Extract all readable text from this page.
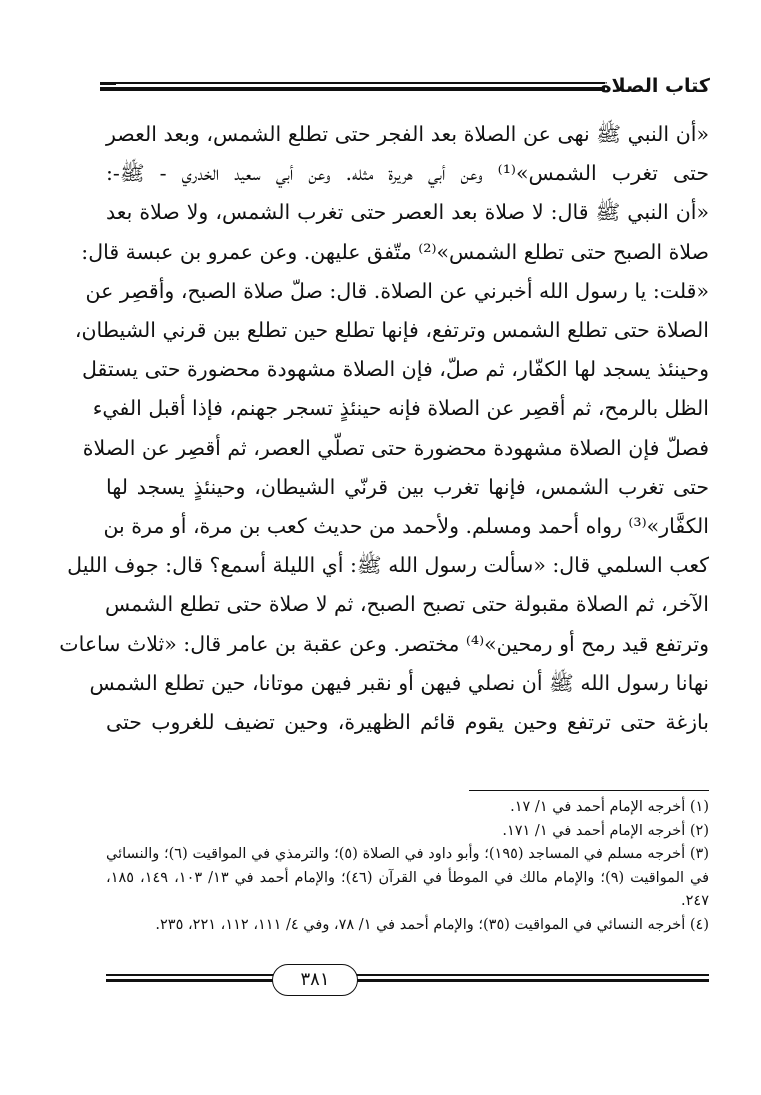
كتاب الصلاة
«أن النبي ﷺ نهى عن الصلاة بعد الفجر حتى تطلع الشمس، وبعد العصر
حتى تغرب الشمس»⁽¹⁾ وعن أبي هريرة مثله. وعن أبي سعيد الخدري - ﷺ-:
«أن النبي ﷺ قال: لا صلاة بعد العصر حتى تغرب الشمس، ولا صلاة بعد
صلاة الصبح حتى تطلع الشمس»⁽²⁾ متّفق عليهن. وعن عمرو بن عبسة قال:
«قلت: يا رسول الله أخبرني عن الصلاة. قال: صلّ صلاة الصبح، وأقصِر عن
الصلاة حتى تطلع الشمس وترتفع، فإنها تطلع حين تطلع بين قرني الشيطان،
وحينئذ يسجد لها الكفّار، ثم صلّ، فإن الصلاة مشهودة محضورة حتى يستقل
الظل بالرمح، ثم أقصِر عن الصلاة فإنه حينئذٍ تسجر جهنم، فإذا أقبل الفيء
فصلّ فإن الصلاة مشهودة محضورة حتى تصلّي العصر، ثم أقصِر عن الصلاة
حتى تغرب الشمس، فإنها تغرب بين قرنّي الشيطان، وحينئذٍ يسجد لها
الكفَّار»⁽³⁾ رواه أحمد ومسلم. ولأحمد من حديث كعب بن مرة، أو مرة بن
كعب السلمي قال: «سألت رسول الله ﷺ: أي الليلة أسمع؟ قال: جوف الليل
الآخر، ثم الصلاة مقبولة حتى تصبح الصبح، ثم لا صلاة حتى تطلع الشمس
وترتفع قيد رمح أو رمحين»⁽⁴⁾ مختصر. وعن عقبة بن عامر قال: «ثلاث ساعات
نهانا رسول الله ﷺ أن نصلي فيهن أو نقبر فيهن موتانا، حين تطلع الشمس
بازغة حتى ترتفع وحين يقوم قائم الظهيرة، وحين تضيف للغروب حتى
(١) أخرجه الإمام أحمد في ١/ ١٧.
(٢) أخرجه الإمام أحمد في ١/ ١٧١.
(٣) أخرجه مسلم في المساجد (١٩٥)؛ وأبو داود في الصلاة (٥)؛ والترمذي في المواقيت (٦)؛ والنسائي
في المواقيت (٩)؛ والإمام مالك في الموطأ في القرآن (٤٦)؛ والإمام أحمد في ١٣/ ١٠٣، ١٤٩، ١٨٥،
٢٤٧.
(٤) أخرجه النسائي في المواقيت (٣٥)؛ والإمام أحمد في ١/ ٧٨، وفي ٤/ ١١١، ١١٢، ٢٢١، ٢٣٥.
٣٨١
